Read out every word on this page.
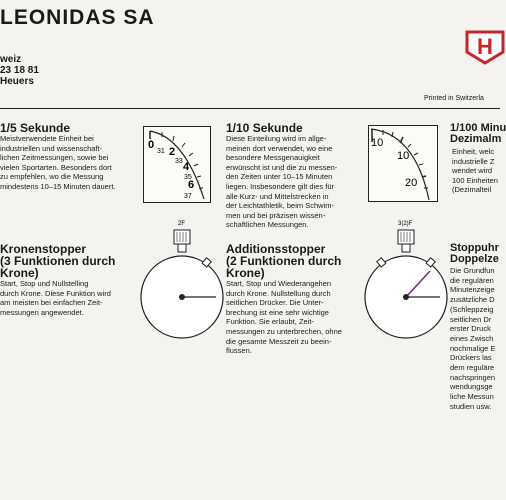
LEONIDAS SA
weiz
23 18 81
Heuers
H
Printed in Switzerla
1/5 Sekunde
Meistverwendete Einheit bei
industriellen und wissenschaft-
lichen Zeitmessungen, sowie bei
vielen Sportarten. Besonders dort
zu empfehlen, wo die Messung
mindestens 10–15 Minuten dauert.
0
31 2
33 4
35
6
37
1/10 Sekunde
Diese Einteilung wird im allge-
meinen dort verwendet, wo eine
besondere Messgenauigkeit
erwünscht ist und die zu messen-
den Zeiten unter 10–15 Minuten
liegen. Insbesondere gilt dies für
alle Kurz- und Mittelstrecken in
der Leichtathletik, beim Schwim-
men und bei präzisen wissen-
schaftlichen Messungen.
10
10
20
1/100 Minu
Dezimalm
Einheit, welc
industrielle Z
wendet wird
100 Einheiten
(Dezimalteil
Kronenstopper
(3 Funktionen durch
Krone)
Start, Stop und Nullstelling
durch Krone. Diese Funktion wird
am meisten bei einfachen Zeit-
messungen angewendet.
2F
Additionsstopper
(2 Funktionen durch
Krone)
Start, Stop und Wiederangehen
durch Krone. Nullstellung durch
seitlichen Drücker. Die Unter-
brechung ist eine sehr wichtige
Funktion. Sie erlaubt, Zeit-
messungen zu unterbrechen, ohne
die gesamte Messzeit zu beein-
flussen.
3(2)F
Stoppuhr
Doppelze
Die Grundfun
die regulären
Minutenzeige
zusätzliche D
(Schleppzeig
seitlichen Dr
erster Druck
eines Zwisch
nochmalige E
Drückers las
dem reguläre
nachspringen
wendungsge
liche Messun
studien usw.
